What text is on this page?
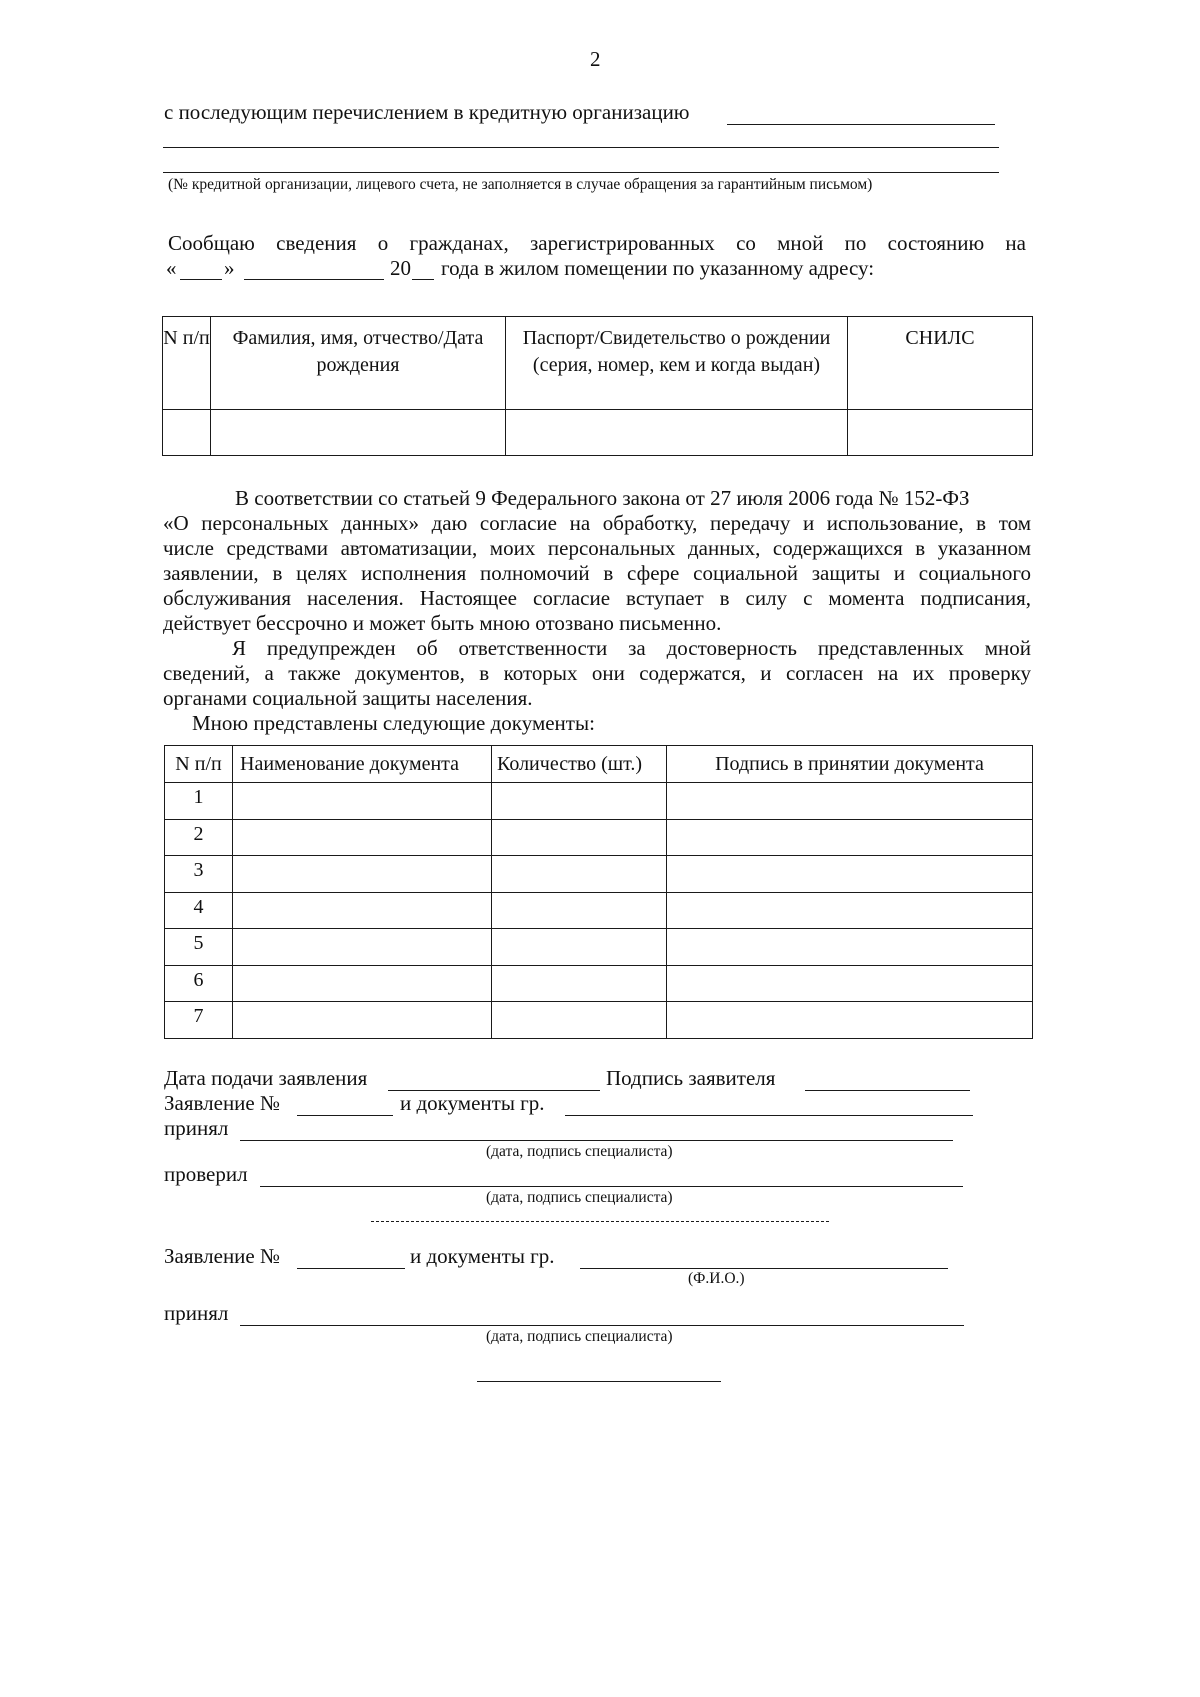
2
с последующим перечислением в кредитную организацию
(№ кредитной организации, лицевого счета, не заполняется в случае обращения за гарантийным письмом)
Сообщаю сведения о гражданах, зарегистрированных со мной по состоянию на
« »	20 года в жилом помещении по указанному адресу:
N п/п	Фамилия, имя, отчество/Дата рождения	Паспорт/Свидетельство о рождении (серия, номер, кем и когда выдан)	СНИЛС

В соответствии со статьей 9 Федерального закона от 27 июля 2006 года № 152-ФЗ
«О персональных данных» даю согласие на обработку, передачу и использование, в том
числе средствами автоматизации, моих персональных данных, содержащихся в указанном
заявлении, в целях исполнения полномочий в сфере социальной защиты и социального
обслуживания населения. Настоящее согласие вступает в силу с момента подписания,
действует бессрочно и может быть мною отозвано письменно.
Я предупрежден об ответственности за достоверность представленных мной
сведений, а также документов, в которых они содержатся, и согласен на их проверку
органами социальной защиты населения.
Мною представлены следующие документы:
N п/п	Наименование документа	Количество (шт.)	Подпись в принятии документа
1			
2			
3			
4			
5			
6			
7			
Дата подачи заявления	Подпись заявителя
Заявление №	и документы гр.
принял
(дата, подпись специалиста)
проверил
(дата, подпись специалиста)
Заявление №	и документы гр.
(Ф.И.О.)
принял
(дата, подпись специалиста)
